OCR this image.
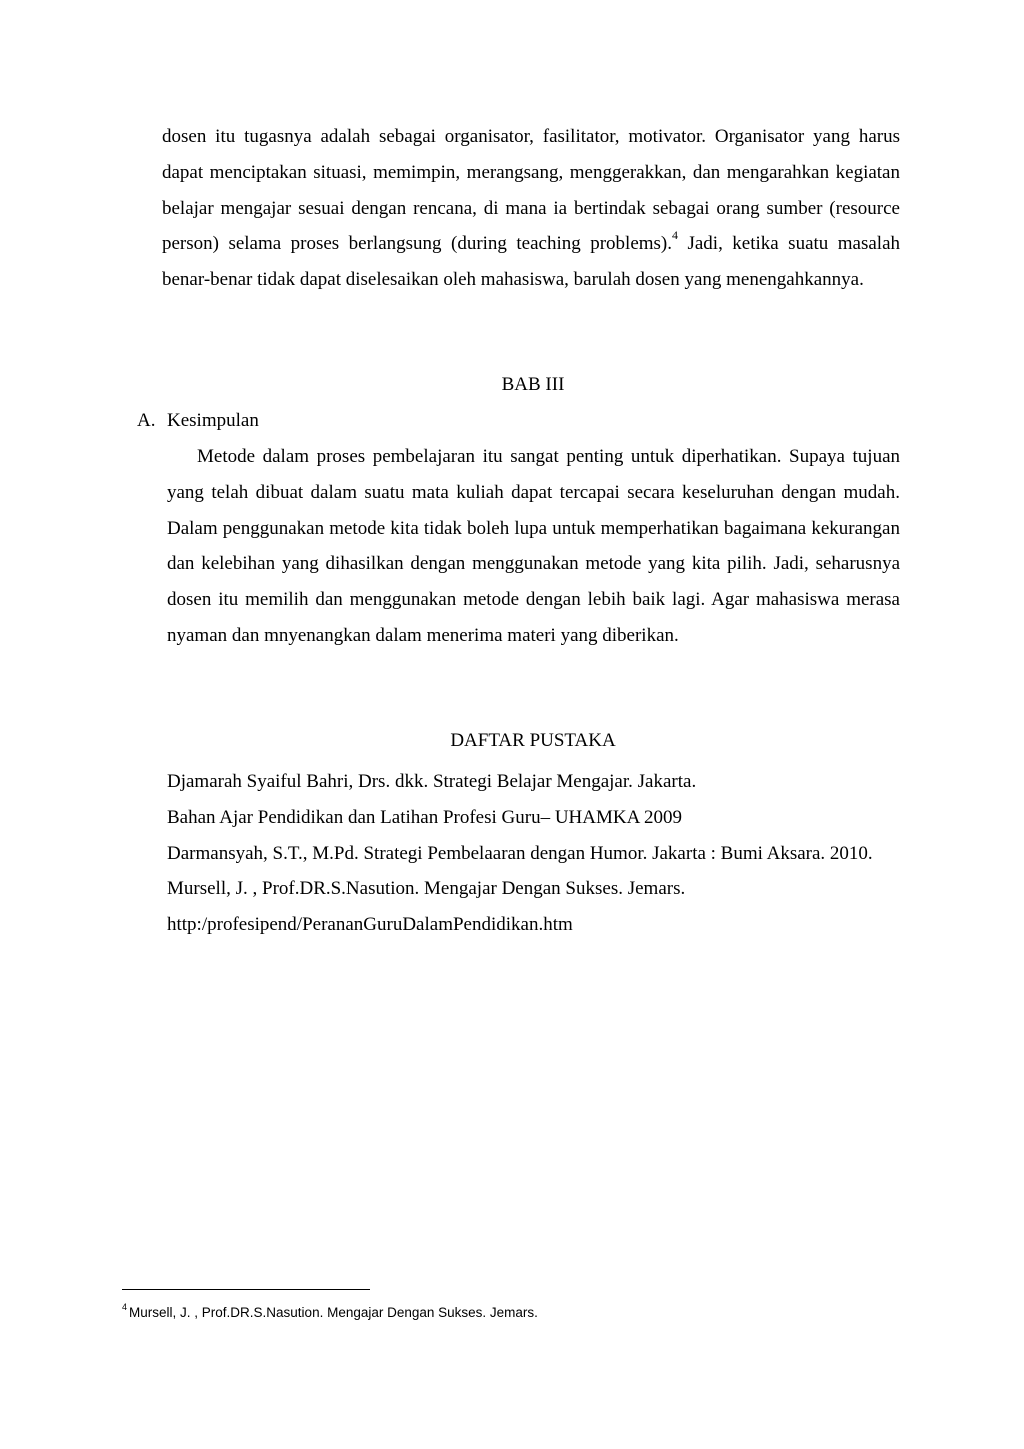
dosen itu tugasnya adalah sebagai organisator, fasilitator, motivator. Organisator yang harus dapat menciptakan situasi, memimpin, merangsang, menggerakkan, dan mengarahkan kegiatan belajar mengajar sesuai dengan rencana, di mana ia bertindak sebagai orang sumber (resource person) selama proses berlangsung (during teaching problems).$^4$ Jadi, ketika suatu masalah benar-benar tidak dapat diselesaikan oleh mahasiswa, barulah dosen yang menengahkannya.

BAB III
A. Kesimpulan

Metode dalam proses pembelajaran itu sangat penting untuk diperhatikan. Supaya tujuan yang telah dibuat dalam suatu mata kuliah dapat tercapai secara keseluruhan dengan mudah. Dalam penggunakan metode kita tidak boleh lupa untuk memperhatikan bagaimana kekurangan dan kelebihan yang dihasilkan dengan menggunakan metode yang kita pilih. Jadi, seharusnya dosen itu memilih dan menggunakan metode dengan lebih baik lagi. Agar mahasiswa merasa nyaman dan mnyenangkan dalam menerima materi yang diberikan.

DAFTAR PUSTAKA
Djamarah Syaiful Bahri, Drs. dkk. Strategi Belajar Mengajar. Jakarta.
Bahan Ajar Pendidikan dan Latihan Profesi Guru– UHAMKA 2009
Darmansyah, S.T., M.Pd. Strategi Pembelaaran dengan Humor. Jakarta : Bumi Aksara. 2010.
Mursell, J. , Prof.DR.S.Nasution. Mengajar Dengan Sukses. Jemars.
http:/profesipend/PerananGuruDalamPendidikan.htm

$^4$ Mursell, J. , Prof.DR.S.Nasution. Mengajar Dengan Sukses. Jemars.
